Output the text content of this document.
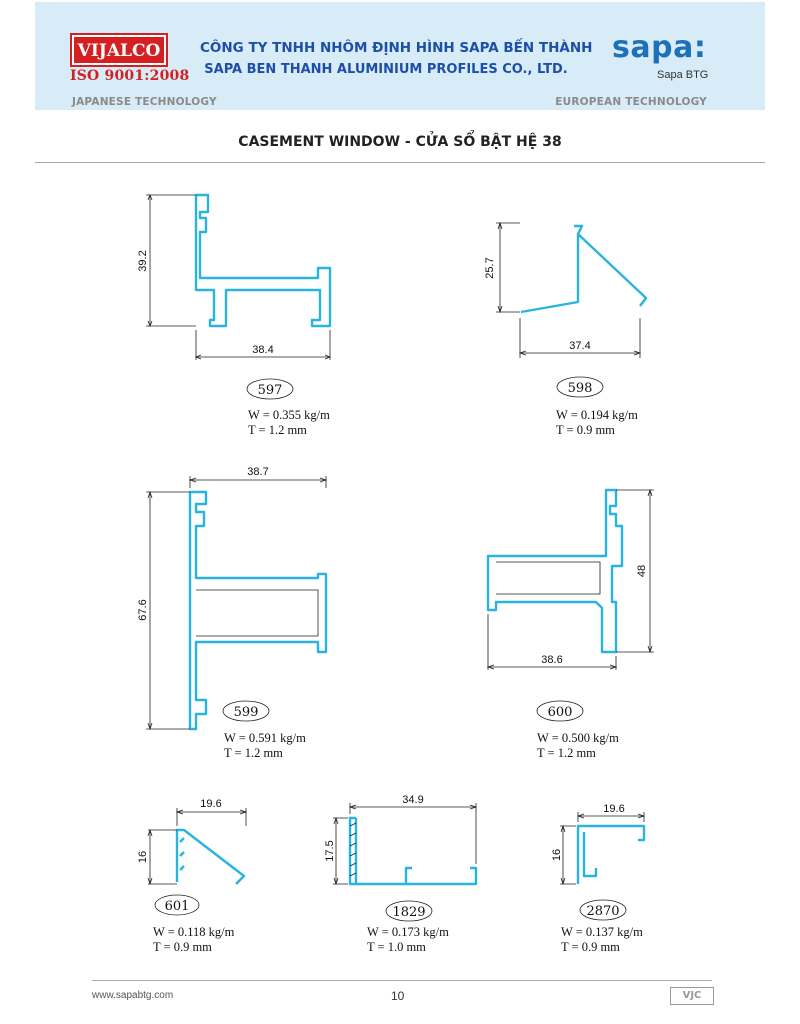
VIJALCO
ISO 9001:2008
CÔNG TY TNHH NHÔM ĐỊNH HÌNH SAPA BẾN THÀNH
SAPA BEN THANH ALUMINIUM PROFILES CO., LTD.
sapa:
Sapa BTG
JAPANESE TECHNOLOGY	EUROPEAN TECHNOLOGY
CASEMENT WINDOW - CỬA SỔ BẬT HỆ 38
39.2
38.4
597
25.7
37.4
598
67.6
38.7
599
48
38.6
600
16
19.6
601
17.5
34.9
1829
16
19.6
2870
W = 0.355 kg/m
T = 1.2 mm
W = 0.194 kg/m
T = 0.9 mm
W = 0.591 kg/m
T = 1.2 mm
W = 0.500 kg/m
T = 1.2 mm
W = 0.118 kg/m
T = 0.9 mm
W = 0.173 kg/m
T = 1.0 mm
W = 0.137 kg/m
T = 0.9 mm
www.sapabtg.com	10	VJC
